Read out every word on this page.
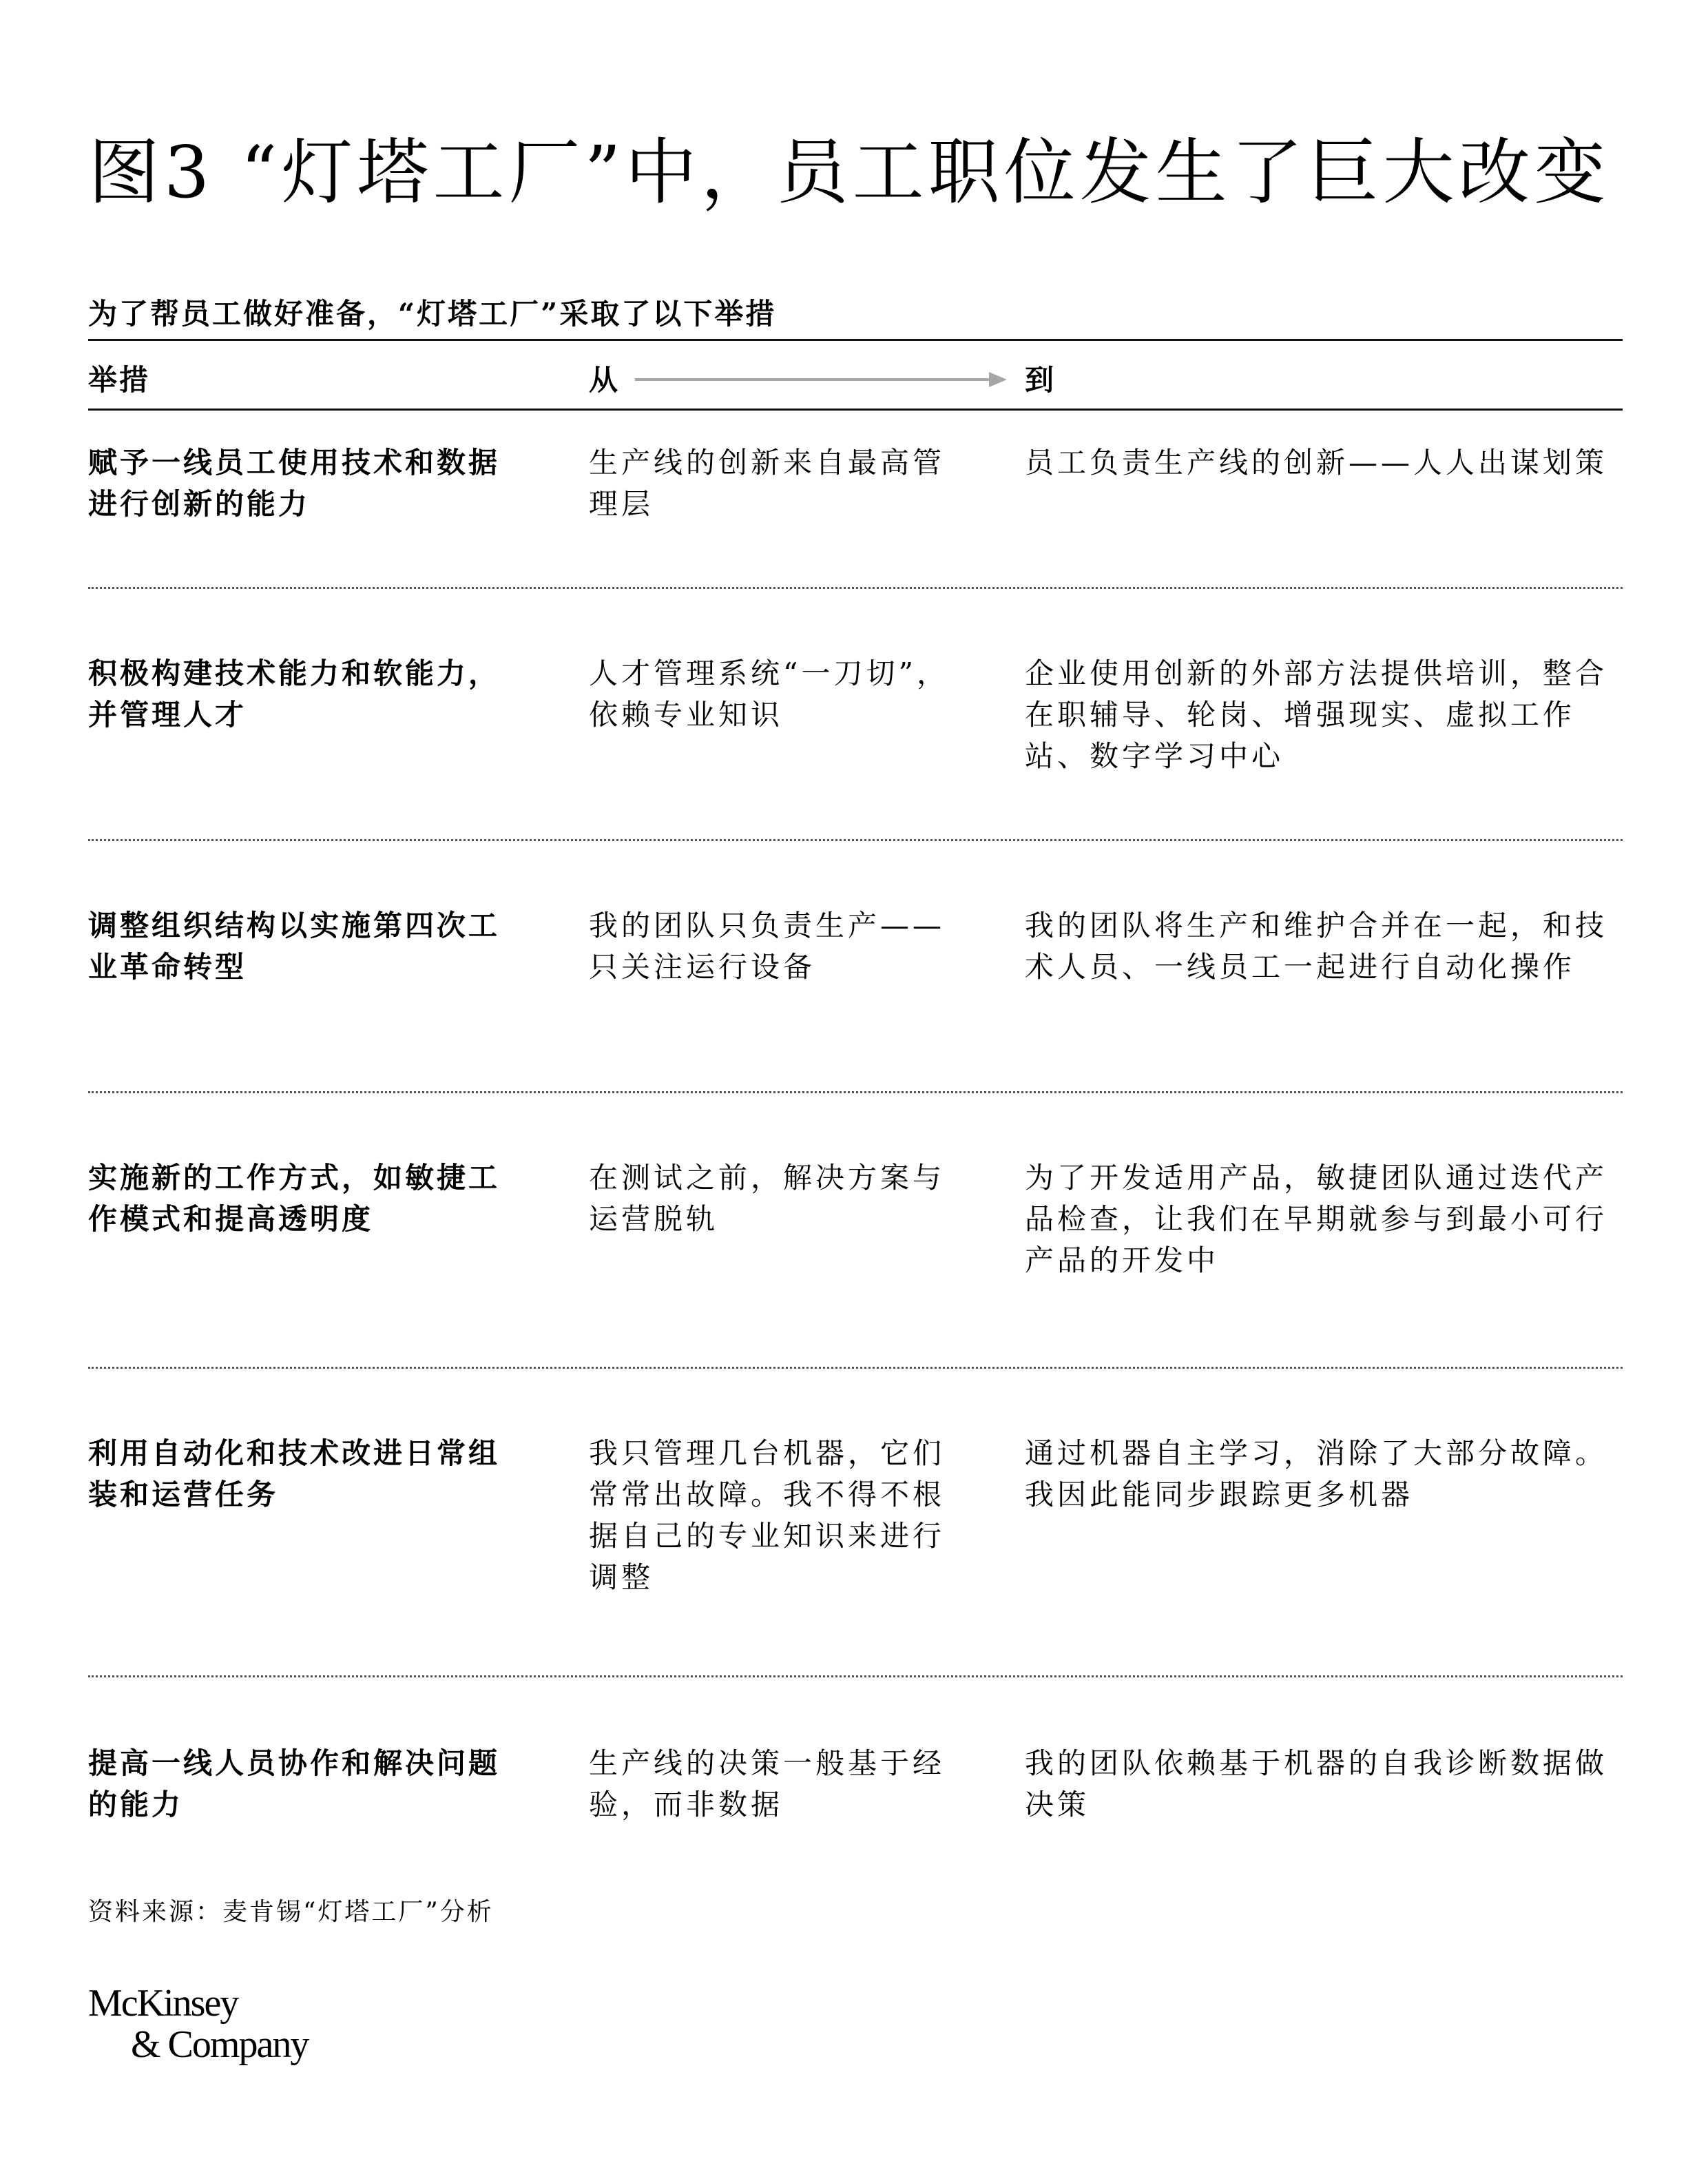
图3 “灯塔工厂”中，员工职位发生了巨大改变
为了帮员工做好准备，“灯塔工厂”采取了以下举措
举措	从	到
赋予一线员工使用技术和数据进行创新的能力
生产线的创新来自最高管理层
员工负责生产线的创新——人人出谋划策
积极构建技术能力和软能力，并管理人才
人才管理系统“一刀切”，依赖专业知识
企业使用创新的外部方法提供培训，整合在职辅导、轮岗、增强现实、虚拟工作站、数字学习中心
调整组织结构以实施第四次工业革命转型
我的团队只负责生产——只关注运行设备
我的团队将生产和维护合并在一起，和技术人员、一线员工一起进行自动化操作
实施新的工作方式，如敏捷工作模式和提高透明度
在测试之前，解决方案与运营脱轨
为了开发适用产品，敏捷团队通过迭代产品检查，让我们在早期就参与到最小可行产品的开发中
利用自动化和技术改进日常组装和运营任务
我只管理几台机器，它们常常出故障。我不得不根据自己的专业知识来进行调整
通过机器自主学习，消除了大部分故障。我因此能同步跟踪更多机器
提高一线人员协作和解决问题的能力
生产线的决策一般基于经验，而非数据
我的团队依赖基于机器的自我诊断数据做决策
资料来源：麦肯锡“灯塔工厂”分析
McKinsey
& Company
